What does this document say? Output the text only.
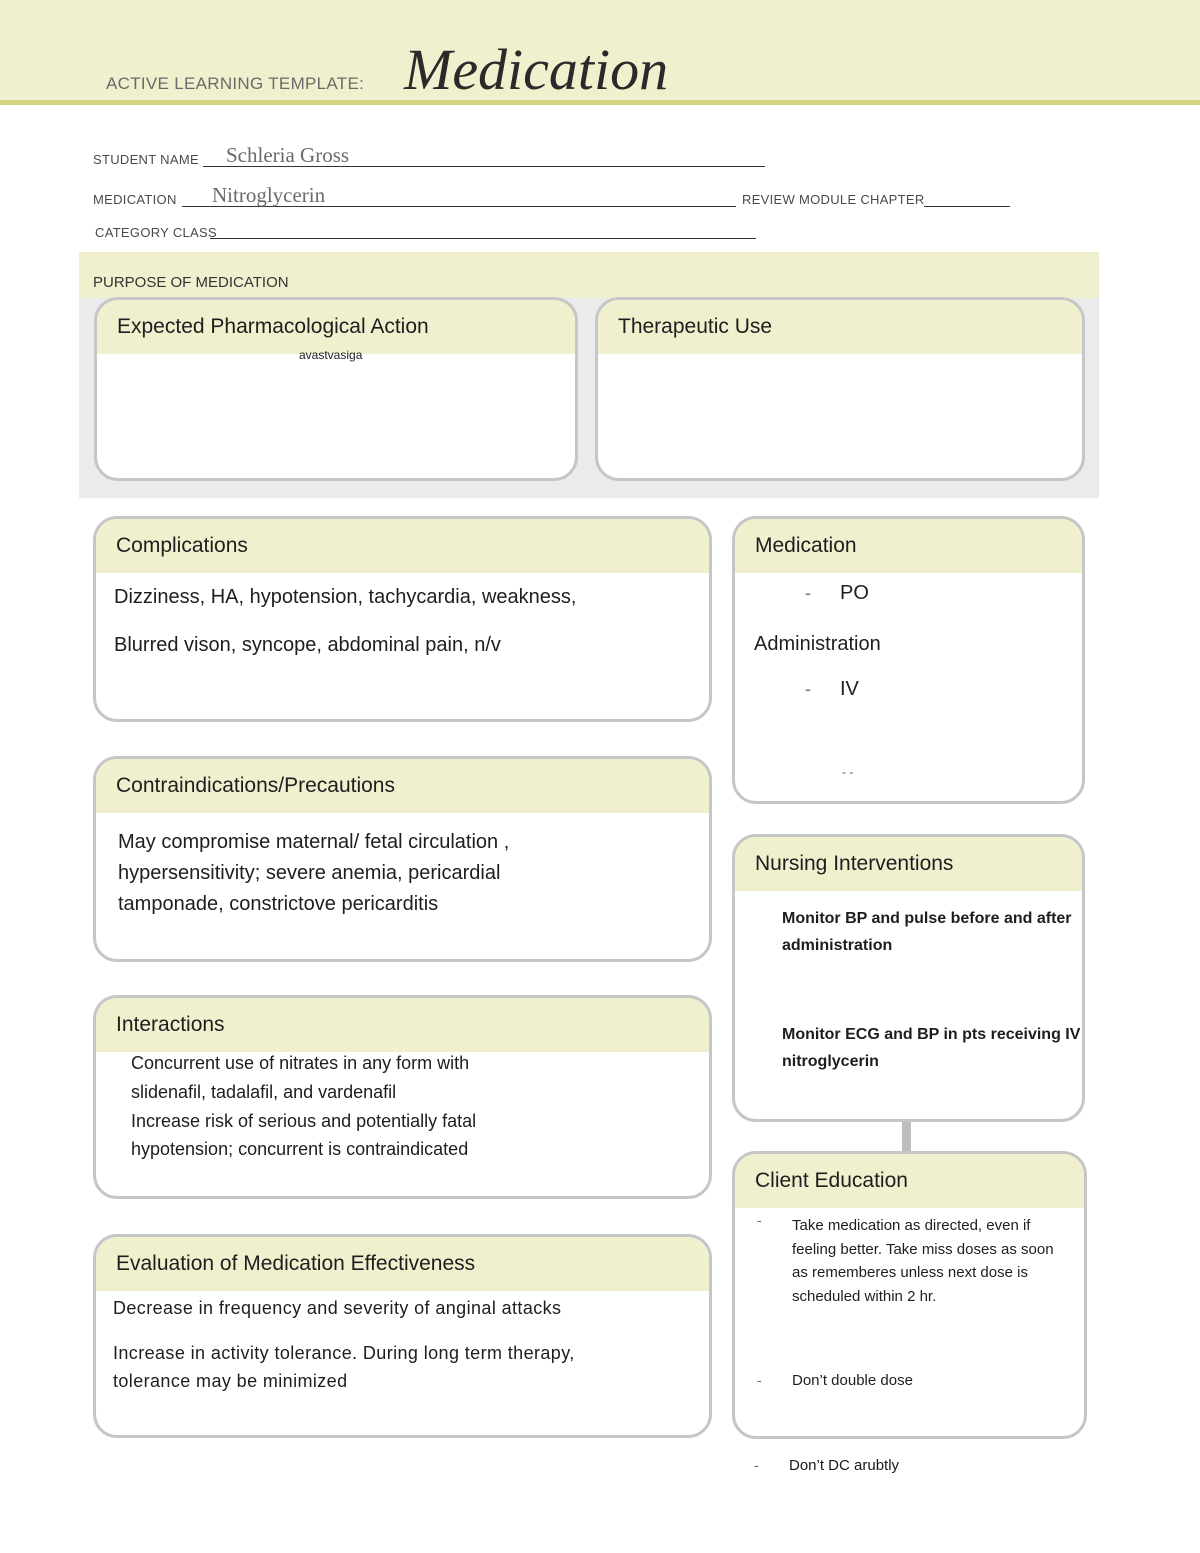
ACTIVE LEARNING TEMPLATE: Medication
STUDENT NAME Schleria Gross
MEDICATION Nitroglycerin	REVIEW MODULE CHAPTER
CATEGORY CLASS
PURPOSE OF MEDICATION
Expected Pharmacological Action
avastvasiga
Therapeutic Use
Complications
Dizziness, HA, hypotension, tachycardia, weakness,
Blurred vison, syncope, abdominal pain, n/v
Contraindications/Precautions
May compromise maternal/ fetal circulation ,
hypersensitivity; severe anemia, pericardial
tamponade, constrictove pericarditis
Interactions
Concurrent use of nitrates in any form with
slidenafil, tadalafil, and vardenafil
Increase risk of serious and potentially fatal
hypotension; concurrent is contraindicated
Evaluation of Medication Effectiveness
Decrease in frequency and severity of anginal attacks
Increase in activity tolerance. During long term therapy,
tolerance may be minimized
Medication
- PO
Administration
- IV
- -
Nursing Interventions
Monitor BP and pulse before and after
administration
Monitor ECG and BP in pts receiving IV
nitroglycerin
Client Education
- Take medication as directed, even if
feeling better. Take miss doses as soon
as rememberes unless next dose is
scheduled within 2 hr.
- Don’t double dose
- Don’t DC arubtly
